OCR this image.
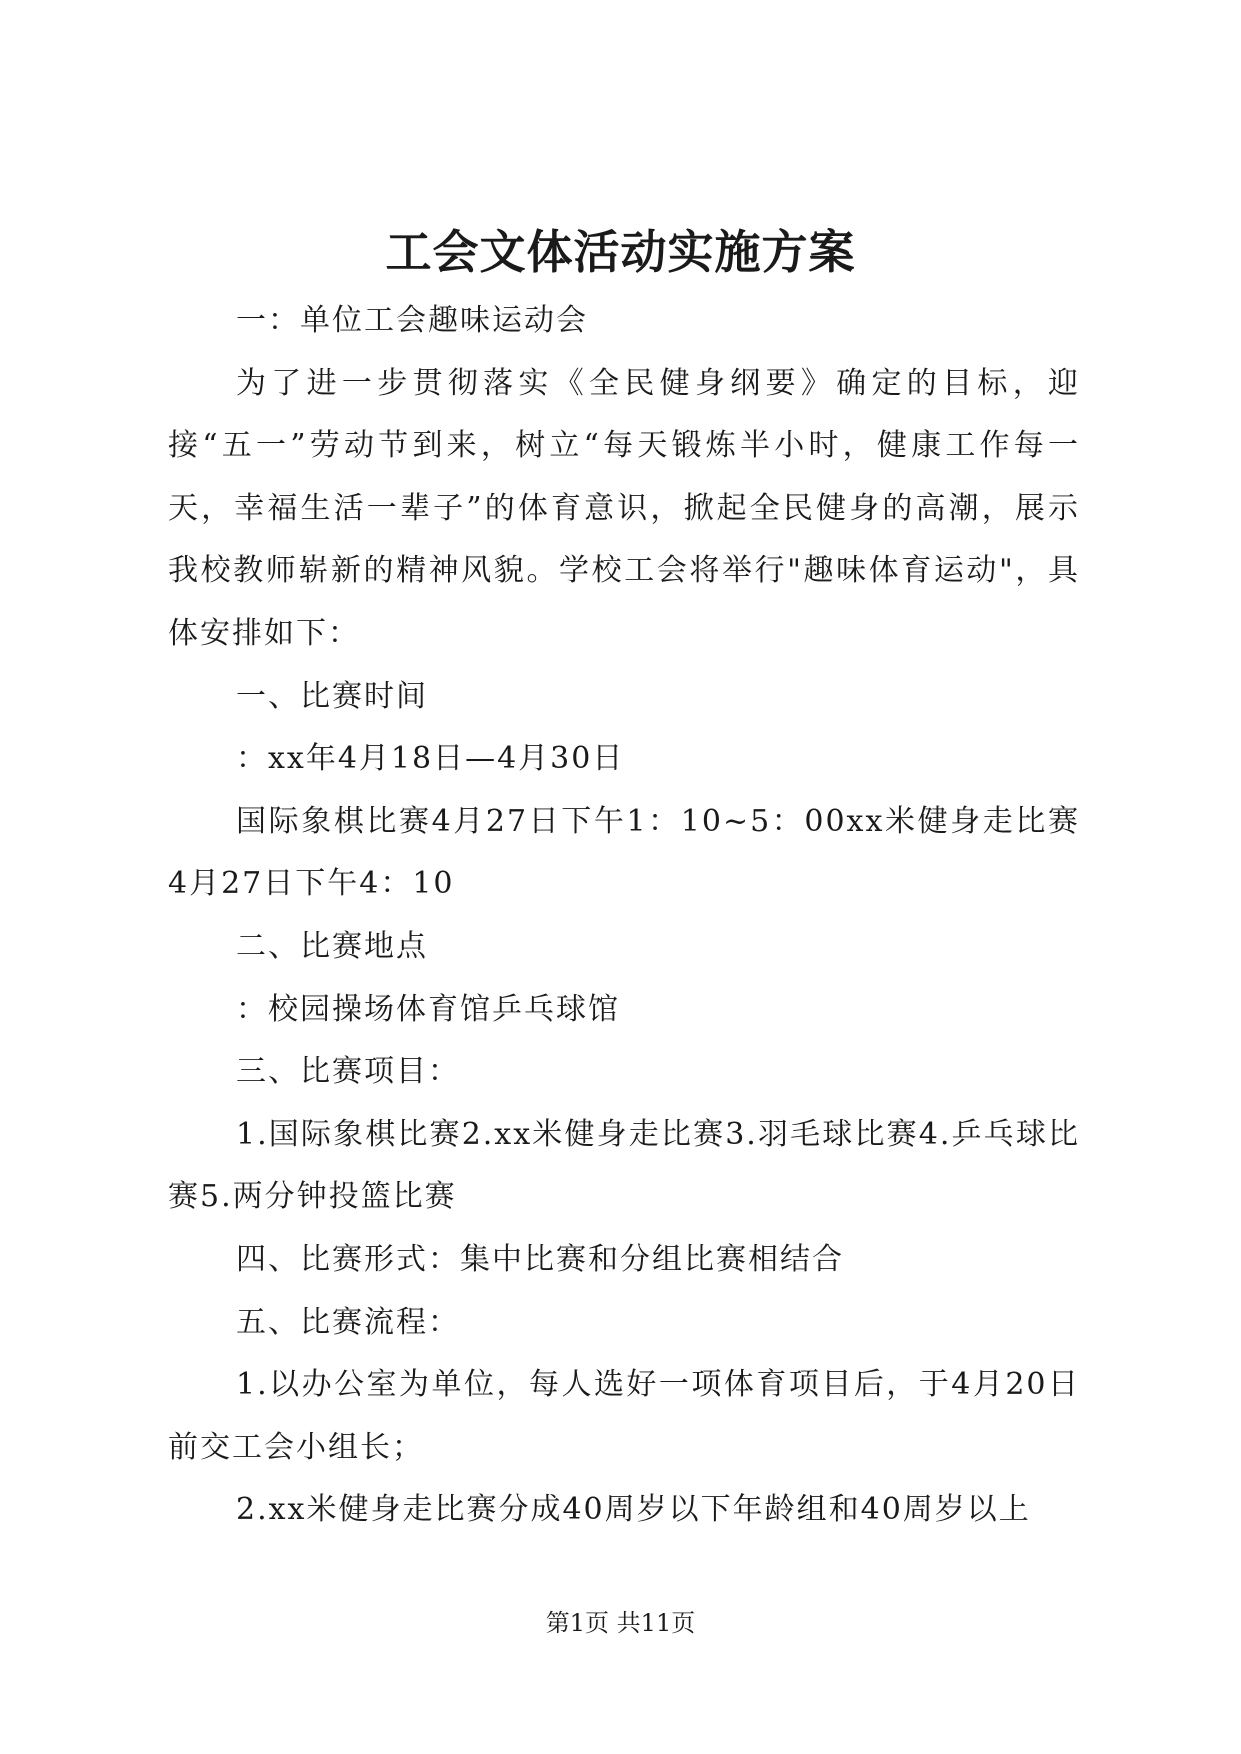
工会文体活动实施方案

一：单位工会趣味运动会

为了进一步贯彻落实《全民健身纲要》确定的目标，迎接“五一”劳动节到来，树立“每天锻炼半小时，健康工作每一天，幸福生活一辈子”的体育意识，掀起全民健身的高潮，展示我校教师崭新的精神风貌。学校工会将举行"趣味体育运动"，具体安排如下：

一、比赛时间

：xx年4月18日—4月30日

国际象棋比赛4月27日下午1：10~5：00xx米健身走比赛4月27日下午4：10

二、比赛地点

：校园操场体育馆乒乓球馆

三、比赛项目：

1.国际象棋比赛2.xx米健身走比赛3.羽毛球比赛4.乒乓球比赛5.两分钟投篮比赛

四、比赛形式：集中比赛和分组比赛相结合

五、比赛流程：

1.以办公室为单位，每人选好一项体育项目后，于4月20日前交工会小组长；

2.xx米健身走比赛分成40周岁以下年龄组和40周岁以上

第1页 共11页
